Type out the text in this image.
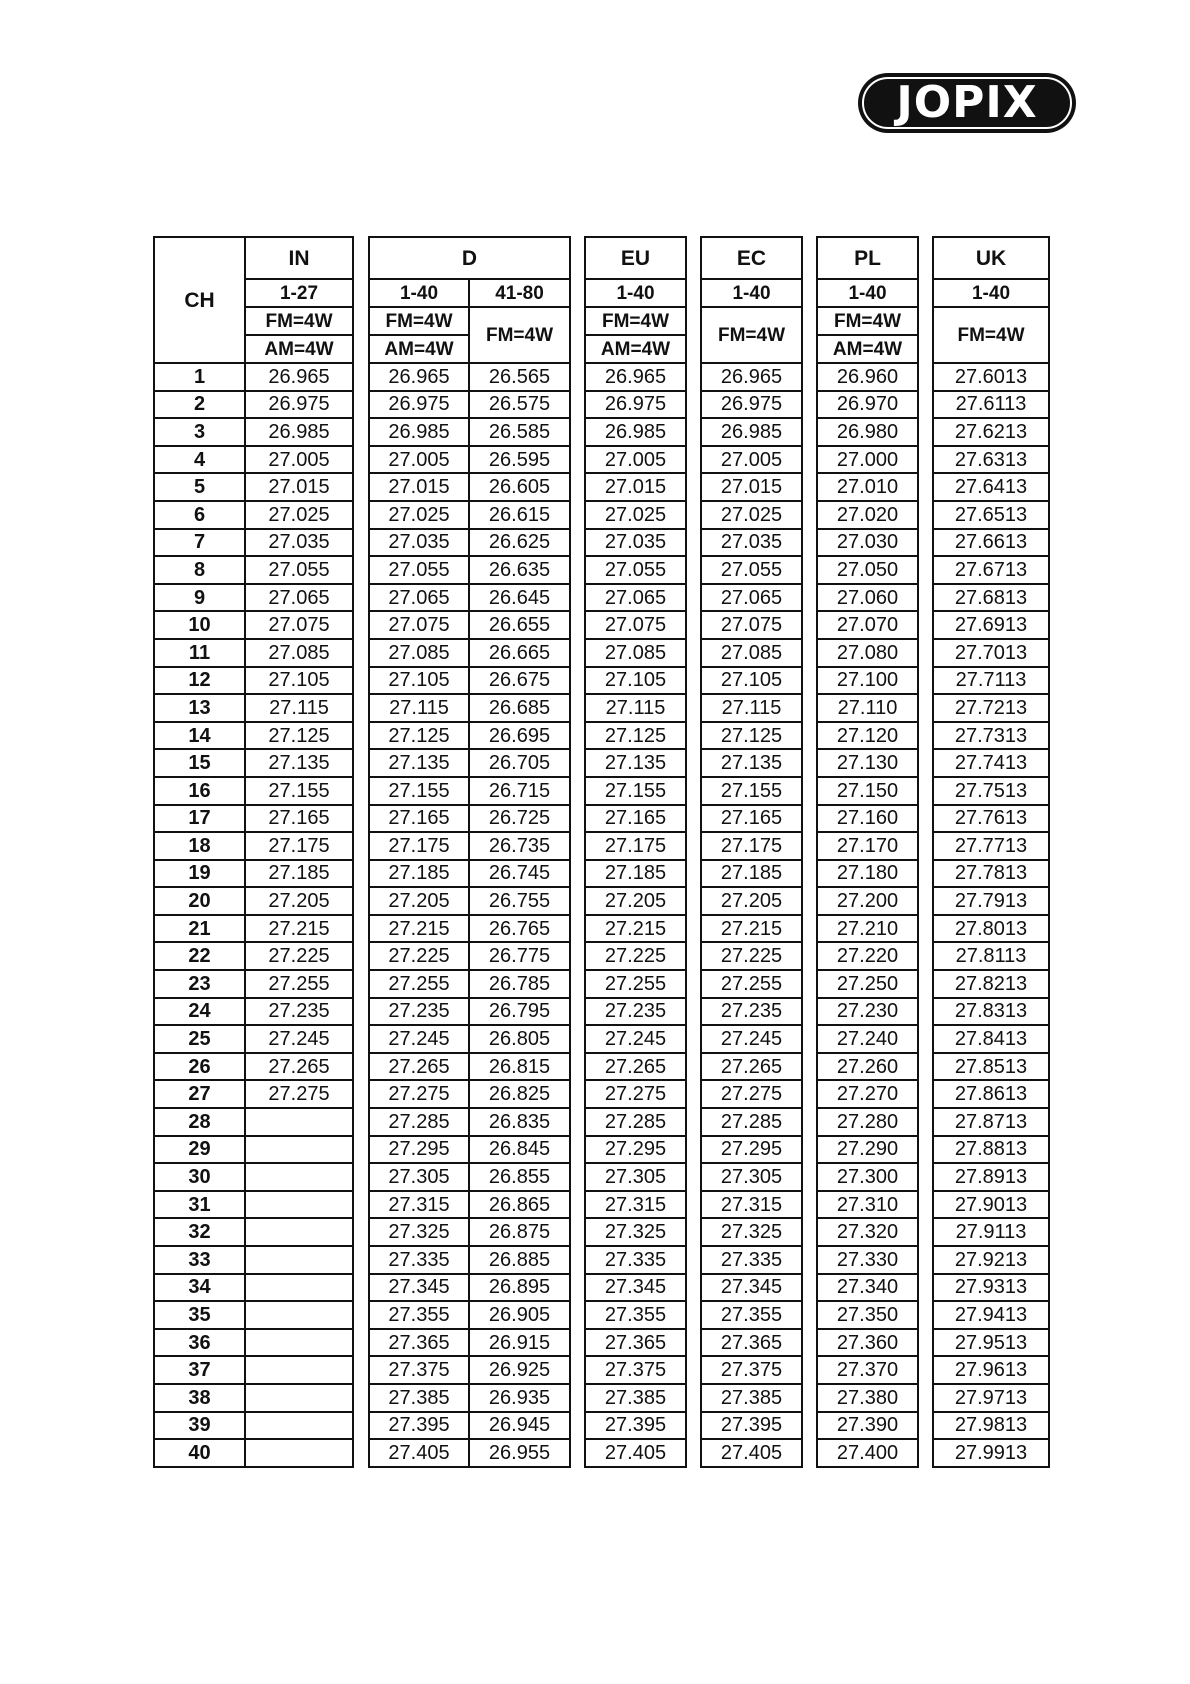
JOPIX
CH	IN		D			EU		EC		PL		UK
	1-27		1-40	41-80		1-40		1-40		1-40		1-40
	FM=4W		FM=4W	FM=4W		FM=4W		FM=4W		FM=4W		FM=4W
	AM=4W		AM=4W			AM=4W				AM=4W		
1	26.965		26.965	26.565		26.965		26.965		26.960		27.6013
2	26.975		26.975	26.575		26.975		26.975		26.970		27.6113
3	26.985		26.985	26.585		26.985		26.985		26.980		27.6213
4	27.005		27.005	26.595		27.005		27.005		27.000		27.6313
5	27.015		27.015	26.605		27.015		27.015		27.010		27.6413
6	27.025		27.025	26.615		27.025		27.025		27.020		27.6513
7	27.035		27.035	26.625		27.035		27.035		27.030		27.6613
8	27.055		27.055	26.635		27.055		27.055		27.050		27.6713
9	27.065		27.065	26.645		27.065		27.065		27.060		27.6813
10	27.075		27.075	26.655		27.075		27.075		27.070		27.6913
11	27.085		27.085	26.665		27.085		27.085		27.080		27.7013
12	27.105		27.105	26.675		27.105		27.105		27.100		27.7113
13	27.115		27.115	26.685		27.115		27.115		27.110		27.7213
14	27.125		27.125	26.695		27.125		27.125		27.120		27.7313
15	27.135		27.135	26.705		27.135		27.135		27.130		27.7413
16	27.155		27.155	26.715		27.155		27.155		27.150		27.7513
17	27.165		27.165	26.725		27.165		27.165		27.160		27.7613
18	27.175		27.175	26.735		27.175		27.175		27.170		27.7713
19	27.185		27.185	26.745		27.185		27.185		27.180		27.7813
20	27.205		27.205	26.755		27.205		27.205		27.200		27.7913
21	27.215		27.215	26.765		27.215		27.215		27.210		27.8013
22	27.225		27.225	26.775		27.225		27.225		27.220		27.8113
23	27.255		27.255	26.785		27.255		27.255		27.250		27.8213
24	27.235		27.235	26.795		27.235		27.235		27.230		27.8313
25	27.245		27.245	26.805		27.245		27.245		27.240		27.8413
26	27.265		27.265	26.815		27.265		27.265		27.260		27.8513
27	27.275		27.275	26.825		27.275		27.275		27.270		27.8613
28			27.285	26.835		27.285		27.285		27.280		27.8713
29			27.295	26.845		27.295		27.295		27.290		27.8813
30			27.305	26.855		27.305		27.305		27.300		27.8913
31			27.315	26.865		27.315		27.315		27.310		27.9013
32			27.325	26.875		27.325		27.325		27.320		27.9113
33			27.335	26.885		27.335		27.335		27.330		27.9213
34			27.345	26.895		27.345		27.345		27.340		27.9313
35			27.355	26.905		27.355		27.355		27.350		27.9413
36			27.365	26.915		27.365		27.365		27.360		27.9513
37			27.375	26.925		27.375		27.375		27.370		27.9613
38			27.385	26.935		27.385		27.385		27.380		27.9713
39			27.395	26.945		27.395		27.395		27.390		27.9813
40			27.405	26.955		27.405		27.405		27.400		27.9913
